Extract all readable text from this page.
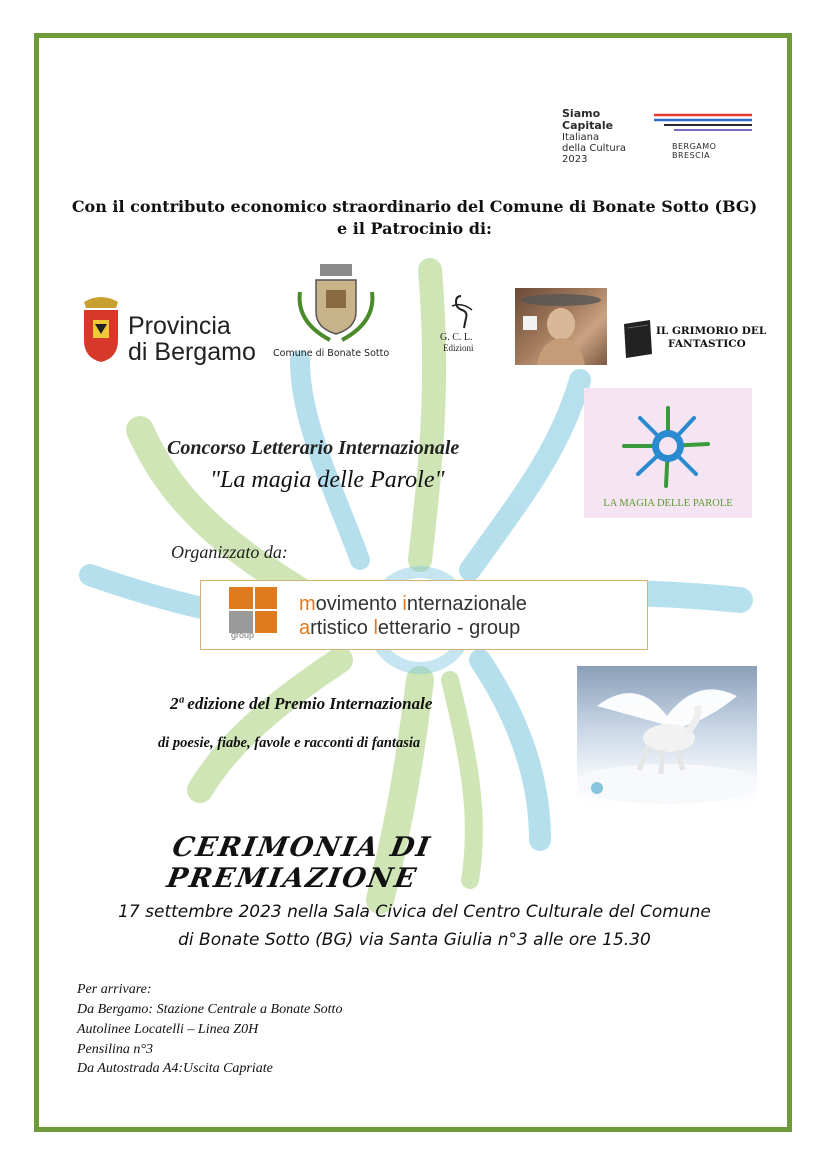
Siamo
Capitale
Italiana
della Cultura
2023
BERGAMO
BRESCIA
Con il contributo economico straordinario del Comune di Bonate Sotto (BG)
e il Patrocinio di:
Provincia
di Bergamo Comune di Bonate Sotto
G. C. L.
Edizioni
IL GRIMORIO DEL
FANTASTICO
Concorso Letterario Internazionale
"La magia delle Parole"
LA MAGIA DELLE PAROLE
Organizzato da:
group
movimento internazionale
artistico letterario - group
2ª edizione del Premio Internazionale
di poesie, fiabe, favole e racconti di fantasia
CERIMONIA DI PREMIAZIONE
17 settembre 2023 nella Sala Civica del Centro Culturale del Comune
di Bonate Sotto (BG) via Santa Giulia n°3 alle ore 15.30
Per arrivare:
Da Bergamo: Stazione Centrale a Bonate Sotto
Autolinee Locatelli – Linea Z0H
Pensilina n°3
Da Autostrada A4:Uscita Capriate
